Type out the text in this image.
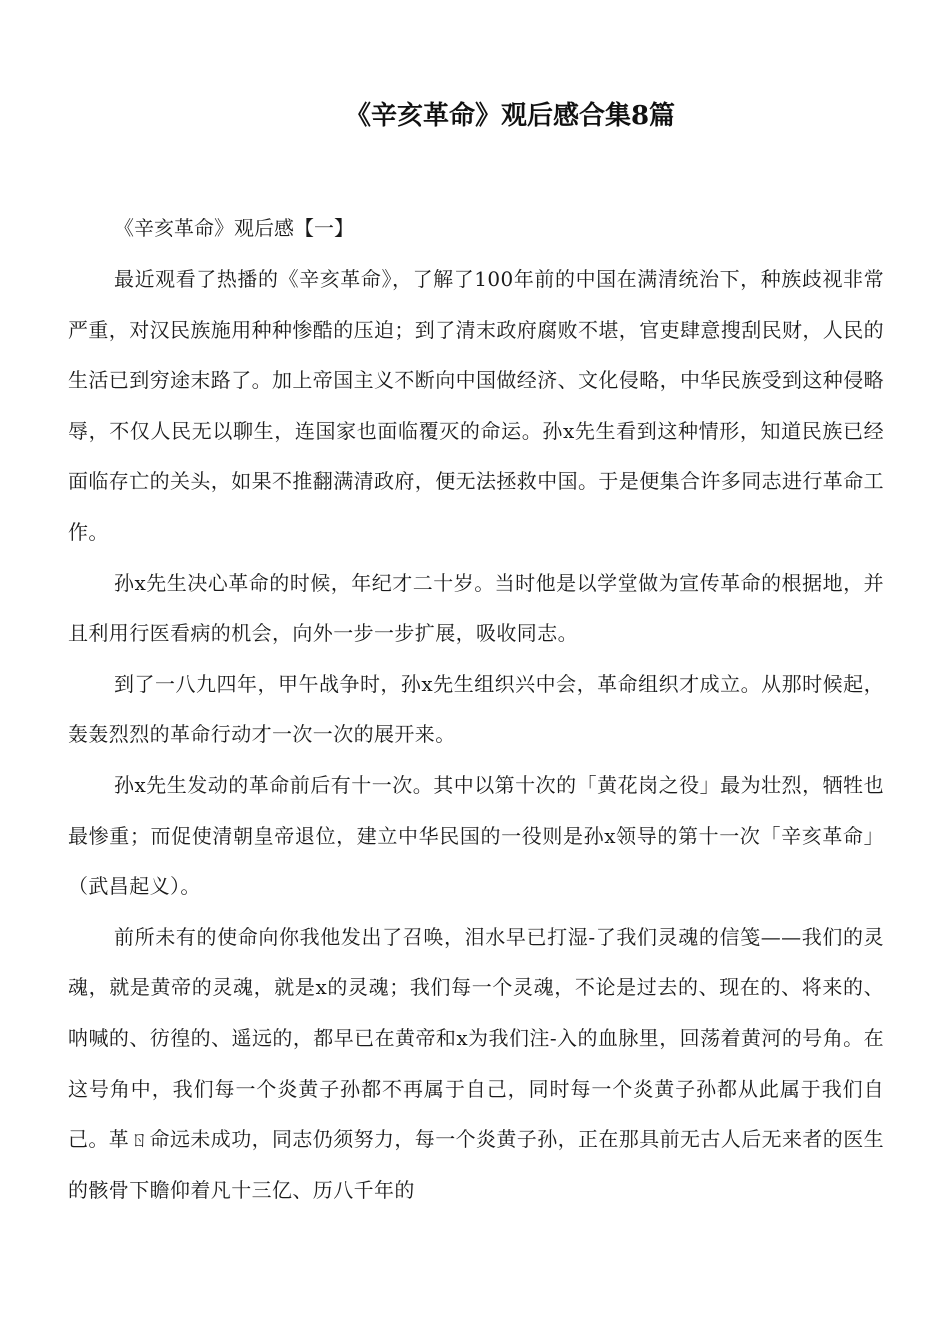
《辛亥革命》观后感合集8篇
《辛亥革命》观后感【一】

最近观看了热播的《辛亥革命》，了解了100年前的中国在满清统治下，种族歧视非常严重，对汉民族施用种种惨酷的压迫；到了清末政府腐败不堪，官吏肆意搜刮民财，人民的生活已到穷途末路了。加上帝国主义不断向中国做经济、文化侵略，中华民族受到这种侵略辱，不仅人民无以聊生，连国家也面临覆灭的命运。孙x先生看到这种情形，知道民族已经面临存亡的关头，如果不推翻满清政府，便无法拯救中国。于是便集合许多同志进行革命工作。

孙x先生决心革命的时候，年纪才二十岁。当时他是以学堂做为宣传革命的根据地，并且利用行医看病的机会，向外一步一步扩展，吸收同志。

到了一八九四年，甲午战争时，孙x先生组织兴中会，革命组织才成立。从那时候起，轰轰烈烈的革命行动才一次一次的展开来。

孙x先生发动的革命前后有十一次。其中以第十次的「黄花岗之役」最为壮烈，牺牲也最惨重；而促使清朝皇帝退位，建立中华民国的一役则是孙x领导的第十一次「辛亥革命」（武昌起义）。

前所未有的使命向你我他发出了召唤，泪水早已打湿-了我们灵魂的信笺——我们的灵魂，就是黄帝的灵魂，就是x的灵魂；我们每一个灵魂，不论是过去的、现在的、将来的、呐喊的、彷徨的、遥远的，都早已在黄帝和x为我们注-入的血脉里，回荡着黄河的号角。在这号角中，我们每一个炎黄子孙都不再属于自己，同时每一个炎黄子孙都从此属于我们自己。革ㄖ命远未成功，同志仍须努力，每一个炎黄子孙，正在那具前无古人后无来者的医生的骸骨下瞻仰着凡十三亿、历八千年的
